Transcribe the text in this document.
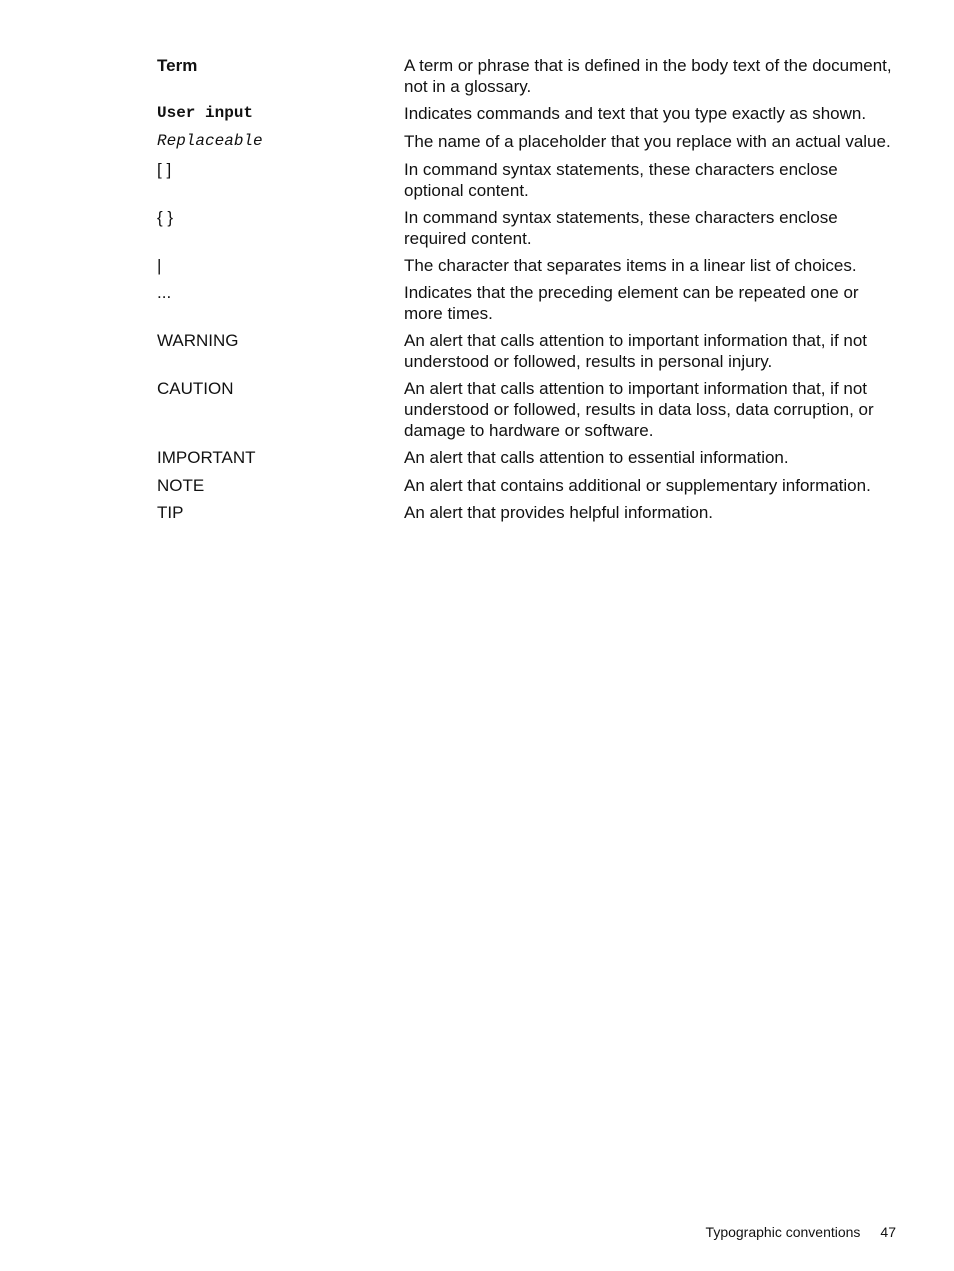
Term	A term or phrase that is defined in the body text of the document, not in a glossary.
User input	Indicates commands and text that you type exactly as shown.
Replaceable	The name of a placeholder that you replace with an actual value.
[ ]	In command syntax statements, these characters enclose optional content.
{ }	In command syntax statements, these characters enclose required content.
|	The character that separates items in a linear list of choices.
...	Indicates that the preceding element can be repeated one or more times.
WARNING	An alert that calls attention to important information that, if not understood or followed, results in personal injury.
CAUTION	An alert that calls attention to important information that, if not understood or followed, results in data loss, data corruption, or damage to hardware or software.
IMPORTANT	An alert that calls attention to essential information.
NOTE	An alert that contains additional or supplementary information.
TIP	An alert that provides helpful information.
Typographic conventions 47
